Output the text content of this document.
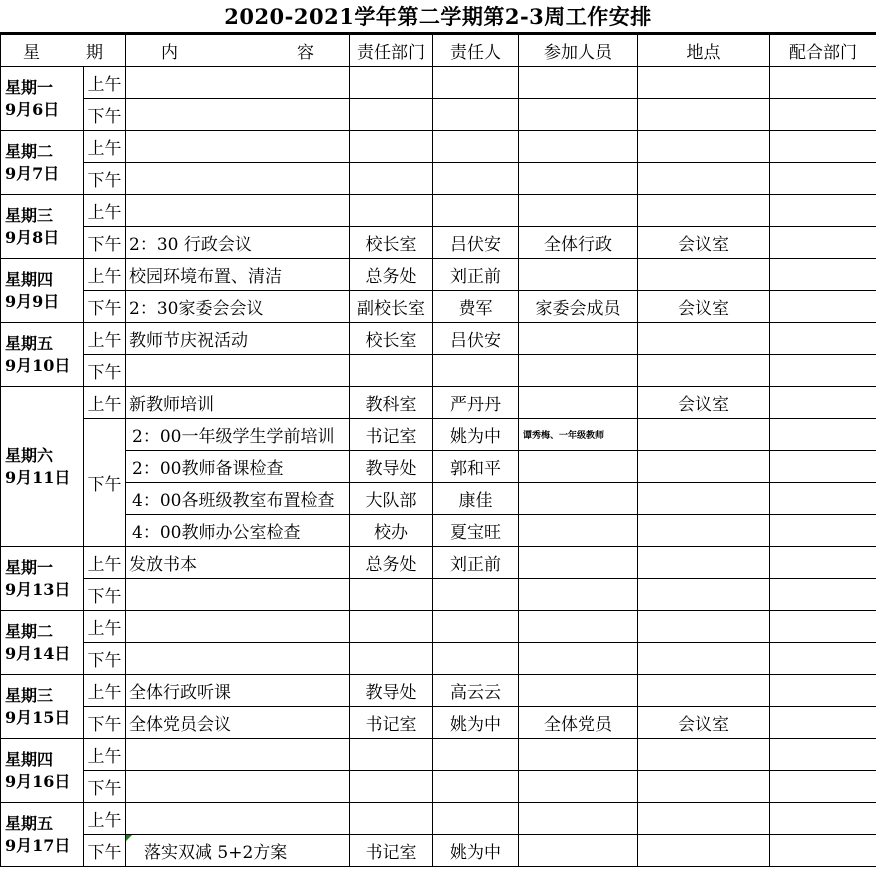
2020-2021学年第二学期第2-3周工作安排
星 期		内 容	责任部门	责任人	参加人员	地点	配合部门

星期一
9月6日	上午						
	下午						

星期二
9月7日	上午						
	下午						

星期三
9月8日	上午						
	下午	2：30 行政会议	校长室	吕伏安	全体行政	会议室	

星期四
9月9日	上午	校园环境布置、清洁	总务处	刘正前			
	下午	2：30家委会会议	副校长室	费军	家委会成员	会议室	

星期五
9月10日	上午	教师节庆祝活动	校长室	吕伏安			
	下午						

星期六
9月11日	上午	新教师培训	教科室	严丹丹		会议室	
	下午	2：00一年级学生学前培训	书记室	姚为中	谭秀梅、一年级教师		
		2：00教师备课检查	教导处	郭和平			
		4：00各班级教室布置检查	大队部	康佳			
		4：00教师办公室检查	校办	夏宝旺			

星期一
9月13日	上午	发放书本	总务处	刘正前			
	下午						

星期二
9月14日	上午						
	下午						

星期三
9月15日	上午	全体行政听课	教导处	高云云			
	下午	全体党员会议	书记室	姚为中	全体党员	会议室	

星期四
9月16日	上午						
	下午						

星期五
9月17日	上午						
	下午	落实双减 5+2方案	书记室	姚为中			
